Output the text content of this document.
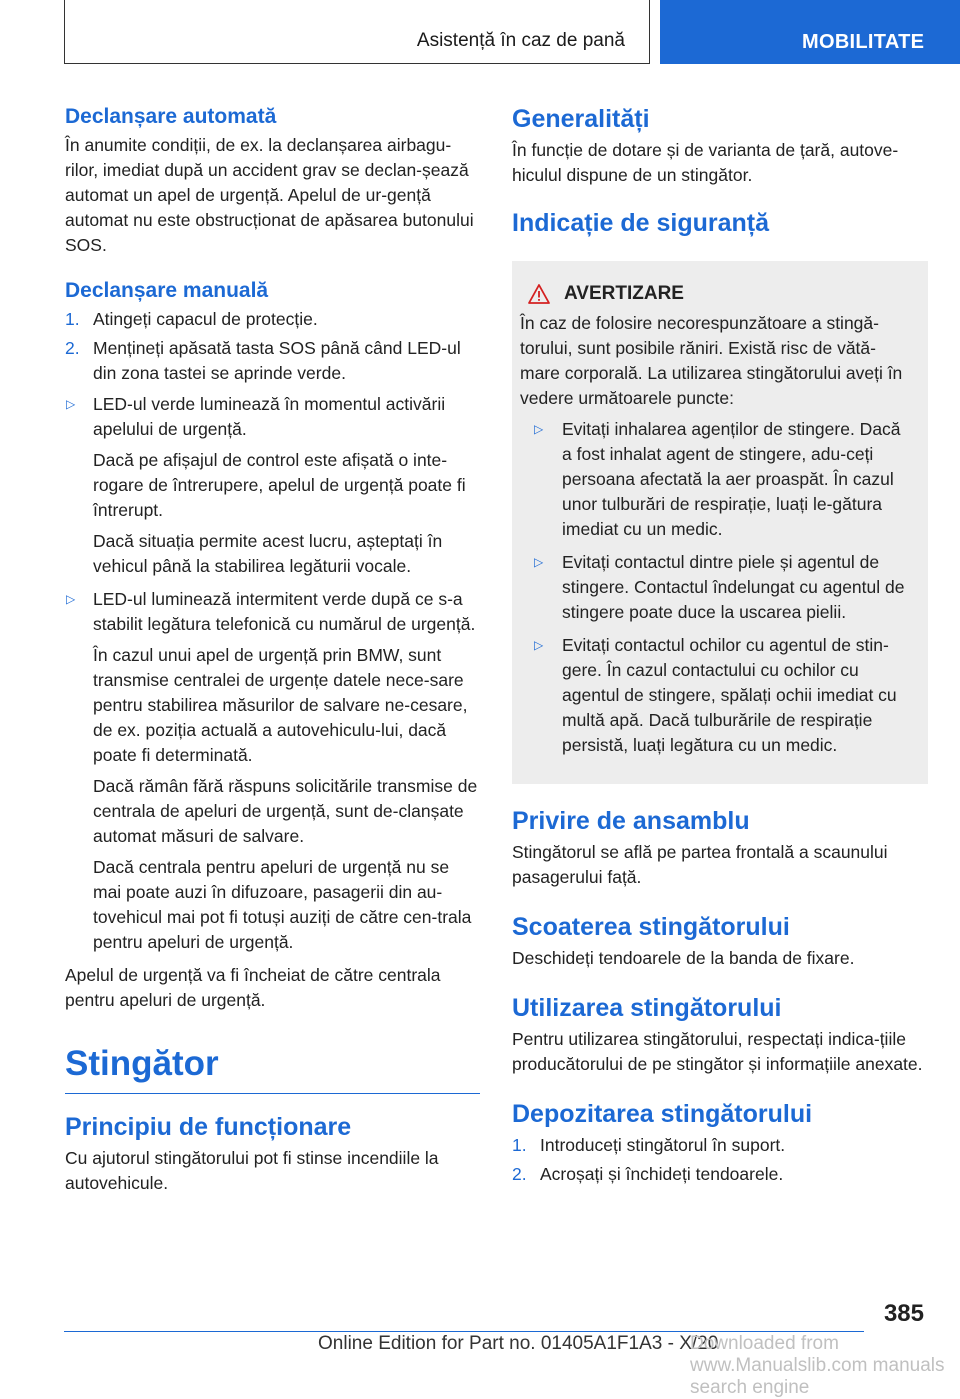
Asistență în caz de pană	MOBILITATE
Declanșare automată
În anumite condiții, de ex. la declanșarea airbagu-rilor, imediat după un accident grav se declan-șează automat un apel de urgență. Apelul de ur-gență automat nu este obstrucționat de apăsarea butonului SOS.
Declanșare manuală
1. Atingeți capacul de protecție.
2. Mențineți apăsată tasta SOS până când LED-ul din zona tastei se aprinde verde.
▷	LED-ul verde luminează în momentul activării apelului de urgență.
Dacă pe afișajul de control este afișată o inte-rogare de întrerupere, apelul de urgență poate fi întrerupt.
Dacă situația permite acest lucru, așteptați în vehicul până la stabilirea legăturii vocale.
▷	LED-ul luminează intermitent verde după ce s-a stabilit legătura telefonică cu numărul de urgență.
În cazul unui apel de urgență prin BMW, sunt transmise centralei de urgențe datele nece-sare pentru stabilirea măsurilor de salvare ne-cesare, de ex. poziția actuală a autovehiculu-lui, dacă poate fi determinată.
Dacă rămân fără răspuns solicitările transmise de centrala de apeluri de urgență, sunt de-clanșate automat măsuri de salvare.
Dacă centrala pentru apeluri de urgență nu se mai poate auzi în difuzoare, pasagerii din au-tovehicul mai pot fi totuși auziți de către cen-trala pentru apeluri de urgență.
Apelul de urgență va fi încheiat de către centrala pentru apeluri de urgență.
Stingător
Principiu de funcționare
Cu ajutorul stingătorului pot fi stinse incendiile la autovehicule.
Generalități
În funcție de dotare și de varianta de țară, autove-hiculul dispune de un stingător.
Indicație de siguranță
AVERTIZARE
În caz de folosire necorespunzătoare a stingă-torului, sunt posibile răniri. Există risc de vătă-mare corporală. La utilizarea stingătorului aveți în vedere următoarele puncte:
▷	Evitați inhalarea agenților de stingere. Dacă a fost inhalat agent de stingere, adu-ceți persoana afectată la aer proaspăt. În cazul unor tulburări de respirație, luați le-gătura imediat cu un medic.
▷	Evitați contactul dintre piele și agentul de stingere. Contactul îndelungat cu agentul de stingere poate duce la uscarea pielii.
▷	Evitați contactul ochilor cu agentul de stin-gere. În cazul contactului cu ochilor cu agentul de stingere, spălați ochii imediat cu multă apă. Dacă tulburările de respirație persistă, luați legătura cu un medic.
Privire de ansamblu
Stingătorul se află pe partea frontală a scaunului pasagerului față.
Scoaterea stingătorului
Deschideți tendoarele de la banda de fixare.
Utilizarea stingătorului
Pentru utilizarea stingătorului, respectați indica-țiile producătorului de pe stingător și informațiile anexate.
Depozitarea stingătorului
1. Introduceți stingătorul în suport.
2. Acroșați și închideți tendoarele.
385
Online Edition for Part no. 01405A1F1A3 - X/20
Downloaded from www.Manualslib.com manuals search engine
